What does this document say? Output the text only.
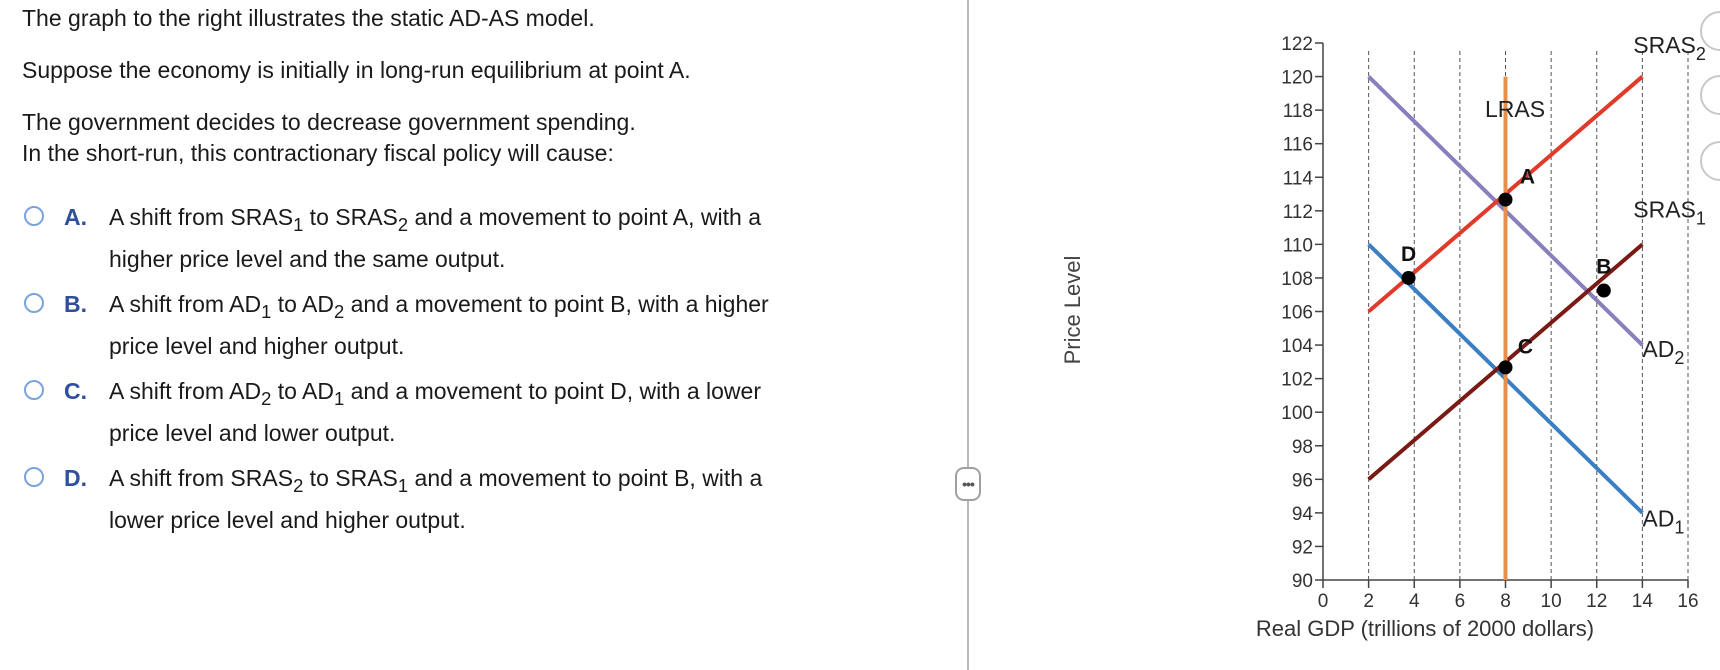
The graph to the right illustrates the static AD-AS model.
Suppose the economy is initially in long-run equilibrium at point A.
The government decides to decrease government spending.
In the short-run, this contractionary fiscal policy will cause:
A. A shift from $SRAS_1$ to $SRAS_2$ and a movement to point A, with a
higher price level and the same output.
B. A shift from $AD_1$ to $AD_2$ and a movement to point B, with a higher
price level and higher output.
C. A shift from $AD_2$ to $AD_1$ and a movement to point D, with a lower
price level and lower output.
D. A shift from $SRAS_2$ to $SRAS_1$ and a movement to point B, with a
lower price level and higher output.
•••
90
92
94
96
98
100
102
104
106
108
110
112
114
116
118
120
122
0 2 4 6 8 10 12 14 16
$AD_2$
$AD_1$
$SRAS_2$
$SRAS_1$
LRAS
A
B
C
D
Real GDP (trillions of 2000 dollars)
Price Level
